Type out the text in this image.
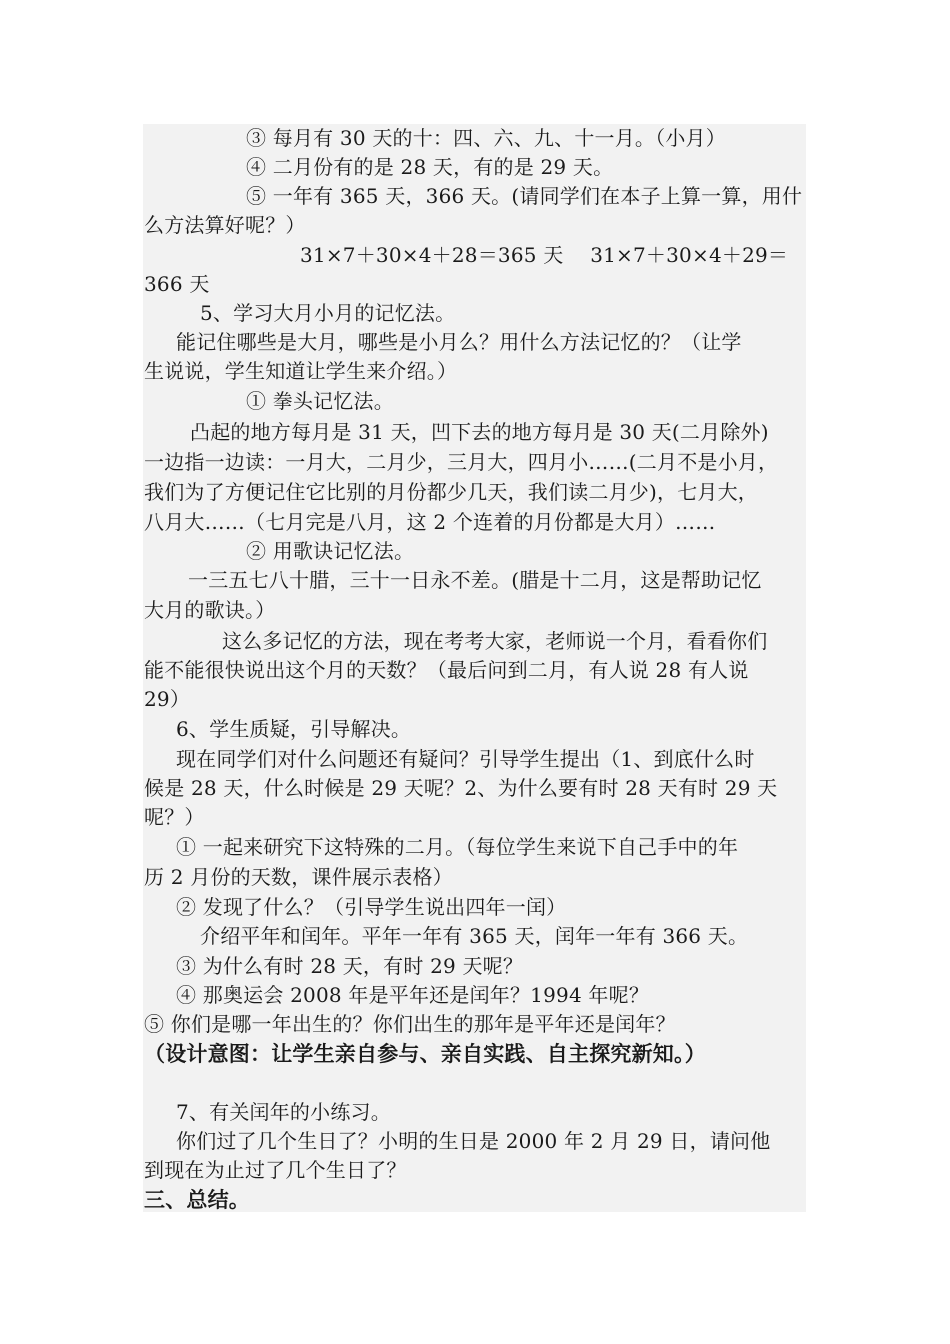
③ 每月有 30 天的十：四、六、九、十一月。（小月）
④ 二月份有的是 28 天，有的是 29 天。
⑤ 一年有 365 天，366 天。(请同学们在本子上算一算，用什
么方法算好呢？）
31×7＋30×4＋28＝365 天　 31×7＋30×4＋29＝
366 天
5、学习大月小月的记忆法。
能记住哪些是大月，哪些是小月么？用什么方法记忆的？（让学
生说说，学生知道让学生来介绍。）
① 拳头记忆法。
凸起的地方每月是 31 天，凹下去的地方每月是 30 天(二月除外)
一边指一边读：一月大，二月少，三月大，四月小……(二月不是小月，
我们为了方便记住它比别的月份都少几天，我们读二月少)，七月大，
八月大……（七月完是八月，这 2 个连着的月份都是大月）……
② 用歌诀记忆法。
一三五七八十腊，三十一日永不差。(腊是十二月，这是帮助记忆
大月的歌诀。）
这么多记忆的方法，现在考考大家，老师说一个月，看看你们
能不能很快说出这个月的天数？（最后问到二月，有人说 28 有人说
29）
6、学生质疑，引导解决。
现在同学们对什么问题还有疑问？引导学生提出（1、到底什么时
候是 28 天，什么时候是 29 天呢？2、为什么要有时 28 天有时 29 天
呢？）
① 一起来研究下这特殊的二月。（每位学生来说下自己手中的年
历 2 月份的天数，课件展示表格）
② 发现了什么？（引导学生说出四年一闰）
介绍平年和闰年。平年一年有 365 天，闰年一年有 366 天。
③ 为什么有时 28 天，有时 29 天呢？
④ 那奥运会 2008 年是平年还是闰年？1994 年呢？
⑤ 你们是哪一年出生的？你们出生的那年是平年还是闰年？
（设计意图：让学生亲自参与、亲自实践、自主探究新知。）
7、有关闰年的小练习。
你们过了几个生日了？小明的生日是 2000 年 2 月 29 日，请问他
到现在为止过了几个生日了？
三、总结。
